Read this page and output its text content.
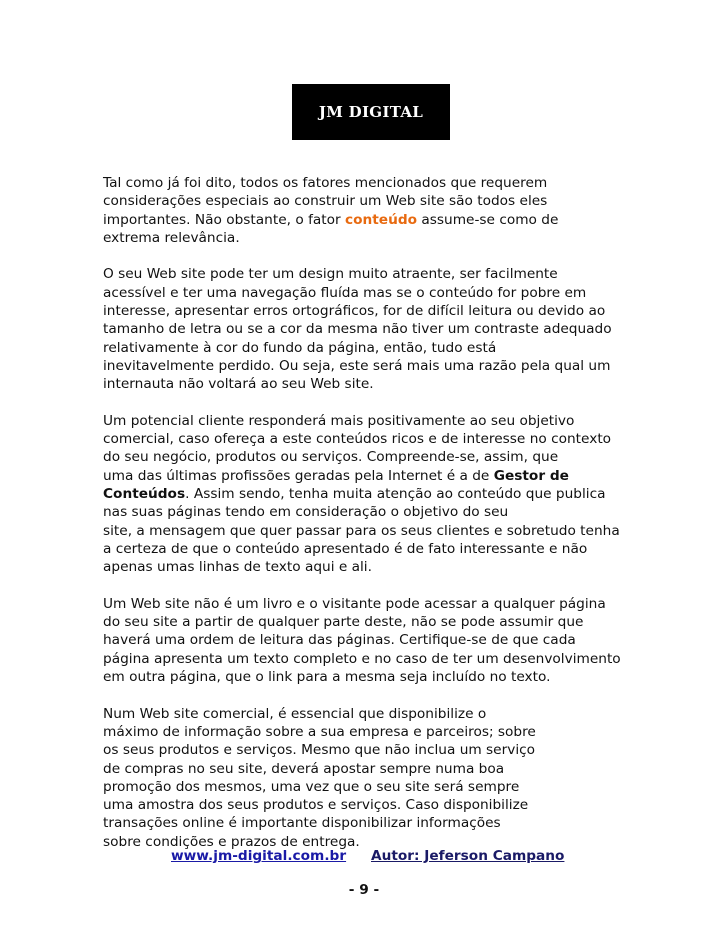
JM DIGITAL

Tal como já foi dito, todos os fatores mencionados que requerem
considerações especiais ao construir um Web site são todos eles
importantes. Não obstante, o fator conteúdo assume-se como de
extrema relevância.

O seu Web site pode ter um design muito atraente, ser facilmente
acessível e ter uma navegação fluída mas se o conteúdo for pobre em
interesse, apresentar erros ortográficos, for de difícil leitura ou devido ao
tamanho de letra ou se a cor da mesma não tiver um contraste adequado
relativamente à cor do fundo da página, então, tudo está
inevitavelmente perdido. Ou seja, este será mais uma razão pela qual um
internauta não voltará ao seu Web site.

Um potencial cliente responderá mais positivamente ao seu objetivo
comercial, caso ofereça a este conteúdos ricos e de interesse no contexto
do seu negócio, produtos ou serviços. Compreende-se, assim, que
uma das últimas profissões geradas pela Internet é a de Gestor de
Conteúdos. Assim sendo, tenha muita atenção ao conteúdo que publica
nas suas páginas tendo em consideração o objetivo do seu
site, a mensagem que quer passar para os seus clientes e sobretudo tenha
a certeza de que o conteúdo apresentado é de fato interessante e não
apenas umas linhas de texto aqui e ali.

Um Web site não é um livro e o visitante pode acessar a qualquer página
do seu site a partir de qualquer parte deste, não se pode assumir que
haverá uma ordem de leitura das páginas. Certifique-se de que cada
página apresenta um texto completo e no caso de ter um desenvolvimento
em outra página, que o link para a mesma seja incluído no texto.

Num Web site comercial, é essencial que disponibilize o
máximo de informação sobre a sua empresa e parceiros; sobre
os seus produtos e serviços. Mesmo que não inclua um serviço
de compras no seu site, deverá apostar sempre numa boa
promoção dos mesmos, uma vez que o seu site será sempre
uma amostra dos seus produtos e serviços. Caso disponibilize
transações online é importante disponibilizar informações
sobre condições e prazos de entrega.

www.jm-digital.com.br Autor: Jeferson Campano
- 9 -
